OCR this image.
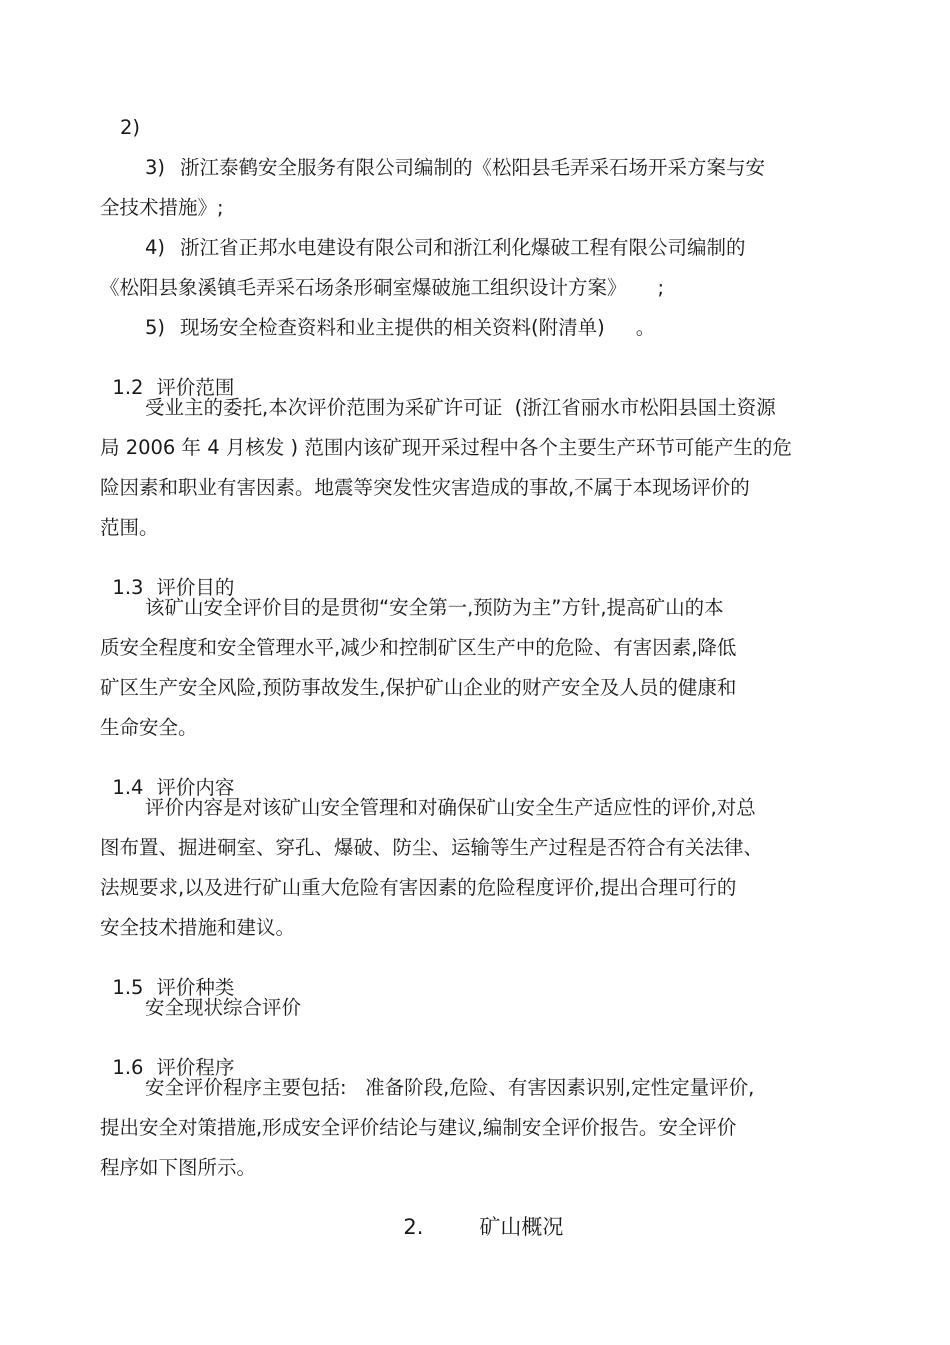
2)
3) 浙江泰鹤安全服务有限公司编制的《松阳县毛弄采石场开采方案与安
全技术措施》;
4) 浙江省正邦水电建设有限公司和浙江利化爆破工程有限公司编制的
《松阳县象溪镇毛弄采石场条形硐室爆破施工组织设计方案》     ;
5) 现场安全检查资料和业主提供的相关资料(附清单)     。

1.2 评价范围

受业主的委托,本次评价范围为采矿许可证  (浙江省丽水市松阳县国土资源
局 2006 年 4 月核发 ) 范围内该矿现开采过程中各个主要生产环节可能产生的危
险因素和职业有害因素。地震等突发性灾害造成的事故,不属于本现场评价的
范围。

1.3 评价目的

该矿山安全评价目的是贯彻“安全第一,预防为主”方针,提高矿山的本
质安全程度和安全管理水平,减少和控制矿区生产中的危险、有害因素,降低
矿区生产安全风险,预防事故发生,保护矿山企业的财产安全及人员的健康和
生命安全。

1.4 评价内容

评价内容是对该矿山安全管理和对确保矿山安全生产适应性的评价,对总
图布置、掘进硐室、穿孔、爆破、防尘、运输等生产过程是否符合有关法律、
法规要求,以及进行矿山重大危险有害因素的危险程度评价,提出合理可行的
安全技术措施和建议。

1.5 评价种类

安全现状综合评价

1.6 评价程序

安全评价程序主要包括:   准备阶段,危险、有害因素识别,定性定量评价,
提出安全对策措施,形成安全评价结论与建议,编制安全评价报告。安全评价
程序如下图所示。

2.	矿山概况
